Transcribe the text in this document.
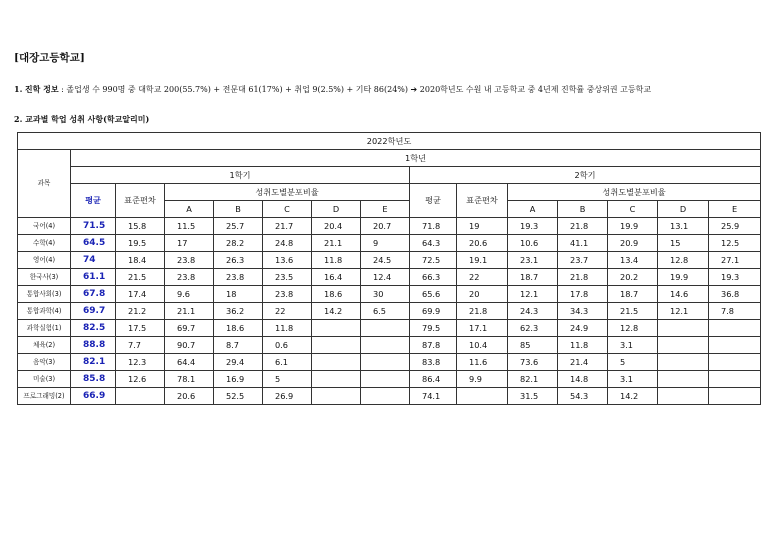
[대장고등학교]
1. 진학 정보 : 졸업생 수 990명 중 대학교 200(55.7%) + 전문대 61(17%) + 취업 9(2.5%) + 기타 86(24%) ➔ 2020학년도 수원 내 고등학교 중 4년제 진학률 중상위권 고등학교
2. 교과별 학업 성취 사항(학교알리미)
2022학년도														
과목	1학년													
	1학기							2학기						
	평균	표준편차	성취도별분포비율					평균	표준편차	성취도별분포비율				
			A	B	C	D	E			A	B	C	D	E
국어(4)	71.5	15.8	11.5	25.7	21.7	20.4	20.7	71.8	19	19.3	21.8	19.9	13.1	25.9
수학(4)	64.5	19.5	17	28.2	24.8	21.1	9	64.3	20.6	10.6	41.1	20.9	15	12.5
영어(4)	74	18.4	23.8	26.3	13.6	11.8	24.5	72.5	19.1	23.1	23.7	13.4	12.8	27.1
한국사(3)	61.1	21.5	23.8	23.8	23.5	16.4	12.4	66.3	22	18.7	21.8	20.2	19.9	19.3
통합사회(3)	67.8	17.4	9.6	18	23.8	18.6	30	65.6	20	12.1	17.8	18.7	14.6	36.8
통합과학(4)	69.7	21.2	21.1	36.2	22	14.2	6.5	69.9	21.8	24.3	34.3	21.5	12.1	7.8
과학실험(1)	82.5	17.5	69.7	18.6	11.8			79.5	17.1	62.3	24.9	12.8		
체육(2)	88.8	7.7	90.7	8.7	0.6			87.8	10.4	85	11.8	3.1		
음악(3)	82.1	12.3	64.4	29.4	6.1			83.8	11.6	73.6	21.4	5		
미술(3)	85.8	12.6	78.1	16.9	5			86.4	9.9	82.1	14.8	3.1		
프로그래밍(2)	66.9		20.6	52.5	26.9			74.1		31.5	54.3	14.2		
